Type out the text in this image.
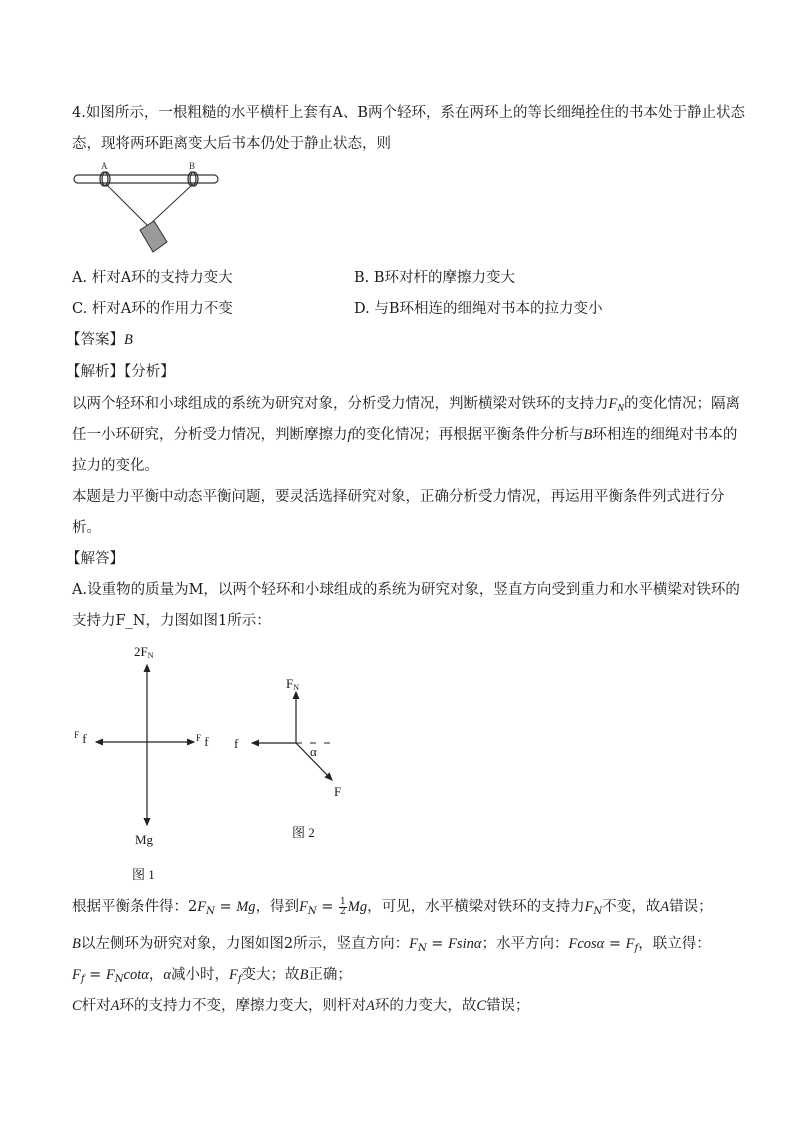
4.如图所示，一根粗糙的水平横杆上套有A、B两个轻环，系在两环上的等长细绳拴住的书本处于静止状态
态，现将两环距离变大后书本仍处于静止状态，则
A	B
A. 杆对A环的支持力变大	B. B环对杆的摩擦力变大
C. 杆对A环的作用力不变	D. 与B环相连的细绳对书本的拉力变小
【答案】B
【解析】【分析】
以两个轻环和小球组成的系统为研究对象，分析受力情况，判断横梁对铁环的支持力$F_N$的变化情况；隔离
任一小环研究，分析受力情况，判断摩擦力f的变化情况；再根据平衡条件分析与B环相连的细绳对书本的
拉力的变化。
本题是力平衡中动态平衡问题，要灵活选择研究对象，正确分析受力情况，再运用平衡条件列式进行分
析。
【解答】
A.设重物的质量为M，以两个轻环和小球组成的系统为研究对象，竖直方向受到重力和水平横梁对铁环的
支持力F_N，力图如图1所示：
2FN
$^F$ f	$^F$ f
Mg
图 1
FN
f
α
F
图 2
根据平衡条件得：$2F_N = Mg$，得到$F_N = \frac{1}{2}$ Mg，可见，水平横梁对铁环的支持力$F_N$不变，故A错误；
B以左侧环为研究对象，力图如图2所示，竖直方向：$F_N = Fsin\alpha$；水平方向：$Fcos\alpha = F_f$，联立得：
$F_f = F_N\cot\alpha$，α减小时，$F_f$变大；故B正确；
C杆对A环的支持力不变，摩擦力变大，则杆对A环的力变大，故C错误；
